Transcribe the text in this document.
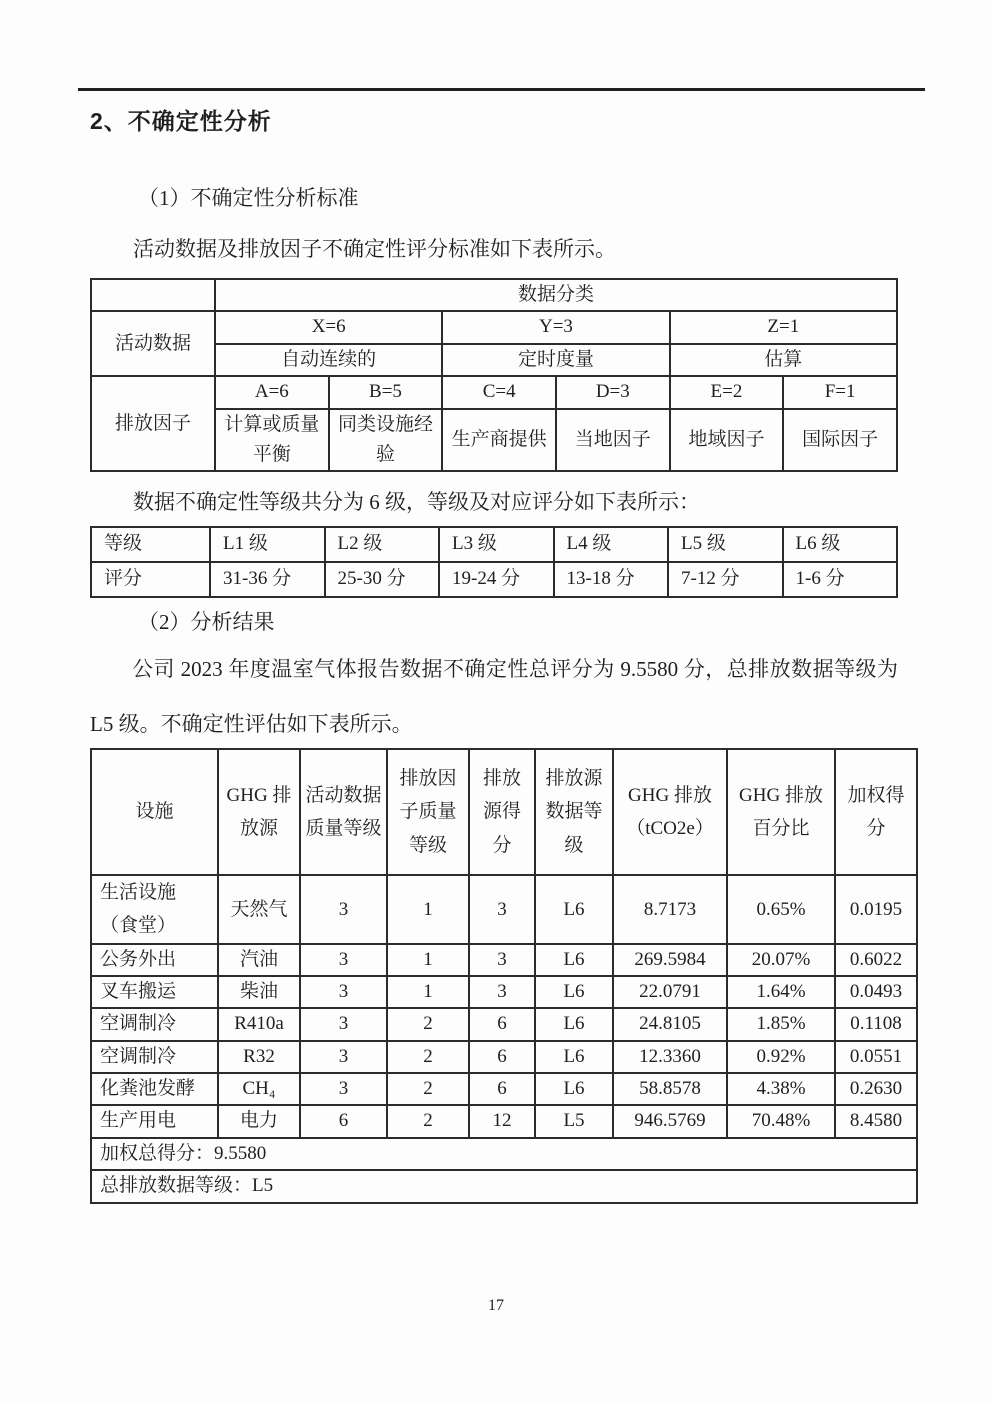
2、不确定性分析
（1）不确定性分析标准
活动数据及排放因子不确定性评分标准如下表所示。
	数据分类					
活动数据	X=6		Y=3		Z=1	
	自动连续的		定时度量		估算	
排放因子	A=6	B=5	C=4	D=3	E=2	F=1
	计算或质量平衡	同类设施经验	生产商提供	当地因子	地域因子	国际因子
数据不确定性等级共分为 6 级，等级及对应评分如下表所示：
等级	L1 级	L2 级	L3 级	L4 级	L5 级	L6 级
评分	31-36 分	25-30 分	19-24 分	13-18 分	7-12 分	1-6 分
（2）分析结果
公司 2023 年度温室气体报告数据不确定性总评分为 9.5580 分，总排放数据等级为 L5 级。不确定性评估如下表所示。
设施	GHG 排放源	活动数据质量等级	排放因子质量等级	排放源得分	排放源数据等级	GHG 排放（tCO2e）	GHG 排放百分比	加权得分
生活设施（食堂）	天然气	3	1	3	L6	8.7173	0.65%	0.0195
公务外出	汽油	3	1	3	L6	269.5984	20.07%	0.6022
叉车搬运	柴油	3	1	3	L6	22.0791	1.64%	0.0493
空调制冷	R410a	3	2	6	L6	24.8105	1.85%	0.1108
空调制冷	R32	3	2	6	L6	12.3360	0.92%	0.0551
化粪池发酵	CH₄	3	2	6	L6	58.8578	4.38%	0.2630
生产用电	电力	6	2	12	L5	946.5769	70.48%	8.4580
加权总得分：9.5580								
总排放数据等级：L5								
17
